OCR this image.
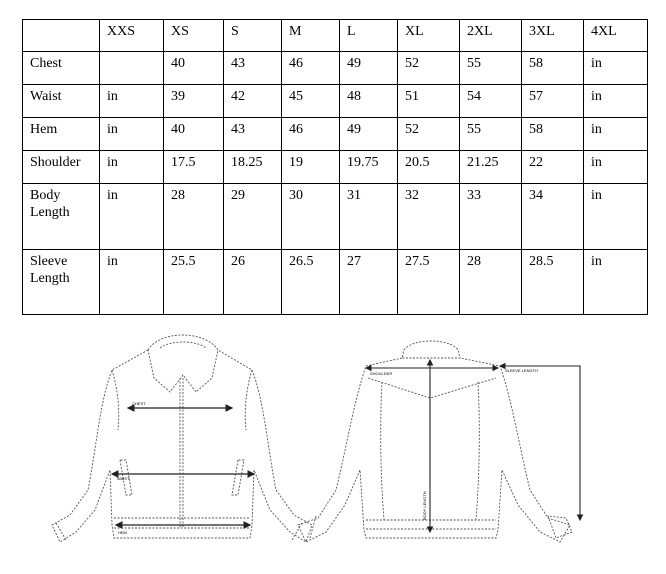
	XXS	XS	S	M	L	XL	2XL	3XL	4XL
Chest		40	43	46	49	52	55	58	in
Waist	in	39	42	45	48	51	54	57	in
Hem	in	40	43	46	49	52	55	58	in
Shoulder	in	17.5	18.25	19	19.75	20.5	21.25	22	in
Body Length	in	28	29	30	31	32	33	34	in
Sleeve Length	in	25.5	26	26.5	27	27.5	28	28.5	in
CHEST
WAIST
HEM
SHOULDER
SLEEVE LENGTH
BODY LENGTH
